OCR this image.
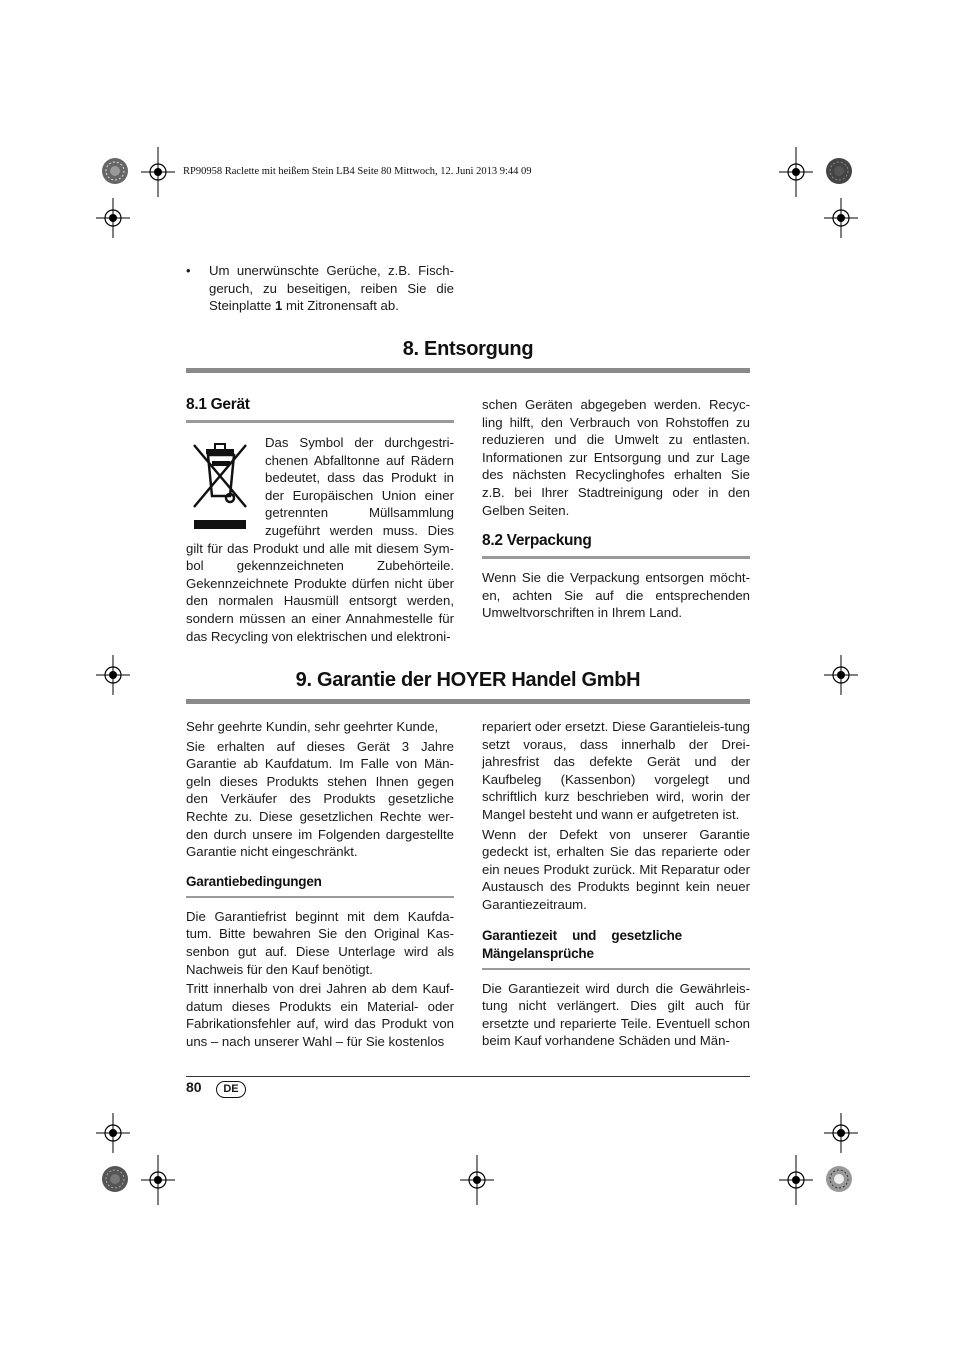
RP90958 Raclette mit heißem Stein LB4 Seite 80 Mittwoch, 12. Juni 2013 9:44 09
• Um unerwünschte Gerüche, z.B. Fisch-geruch, zu beseitigen, reiben Sie die Steinplatte 1 mit Zitronensaft ab.
8. Entsorgung
8.1 Gerät
Das Symbol der durchgestri-chenen Abfalltonne auf Rädern bedeutet, dass das Produkt in der Europäischen Union einer getrennten Müllsammlung zugeführt werden muss. Dies gilt für das Produkt und alle mit diesem Sym-bol gekennzeichneten Zubehörteile. Gekennzeichnete Produkte dürfen nicht über den normalen Hausmüll entsorgt werden, sondern müssen an einer Annahmestelle für das Recycling von elektrischen und elektroni-
schen Geräten abgegeben werden. Recyc-ling hilft, den Verbrauch von Rohstoffen zu reduzieren und die Umwelt zu entlasten. Informationen zur Entsorgung und zur Lage des nächsten Recyclinghofes erhalten Sie z.B. bei Ihrer Stadtreinigung oder in den Gelben Seiten.
8.2 Verpackung
Wenn Sie die Verpackung entsorgen möcht-en, achten Sie auf die entsprechenden Umweltvorschriften in Ihrem Land.
9. Garantie der HOYER Handel GmbH
Sehr geehrte Kundin, sehr geehrter Kunde,
Sie erhalten auf dieses Gerät 3 Jahre Garantie ab Kaufdatum. Im Falle von Män-geln dieses Produkts stehen Ihnen gegen den Verkäufer des Produkts gesetzliche Rechte zu. Diese gesetzlichen Rechte wer-den durch unsere im Folgenden dargestellte Garantie nicht eingeschränkt.
Garantiebedingungen
Die Garantiefrist beginnt mit dem Kaufda-tum. Bitte bewahren Sie den Original Kas-senbon gut auf. Diese Unterlage wird als Nachweis für den Kauf benötigt.
Tritt innerhalb von drei Jahren ab dem Kauf-datum dieses Produkts ein Material- oder Fabrikationsfehler auf, wird das Produkt von uns – nach unserer Wahl – für Sie kostenlos
repariert oder ersetzt. Diese Garantieleis-tung setzt voraus, dass innerhalb der Drei-jahresfrist das defekte Gerät und der Kaufbeleg (Kassenbon) vorgelegt und schriftlich kurz beschrieben wird, worin der Mangel besteht und wann er aufgetreten ist.
Wenn der Defekt von unserer Garantie gedeckt ist, erhalten Sie das reparierte oder ein neues Produkt zurück. Mit Reparatur oder Austausch des Produkts beginnt kein neuer Garantiezeitraum.
Garantiezeit und gesetzliche Mängelansprüche
Die Garantiezeit wird durch die Gewährleis-tung nicht verlängert. Dies gilt auch für ersetzte und reparierte Teile. Eventuell schon beim Kauf vorhandene Schäden und Män-
80	DE
